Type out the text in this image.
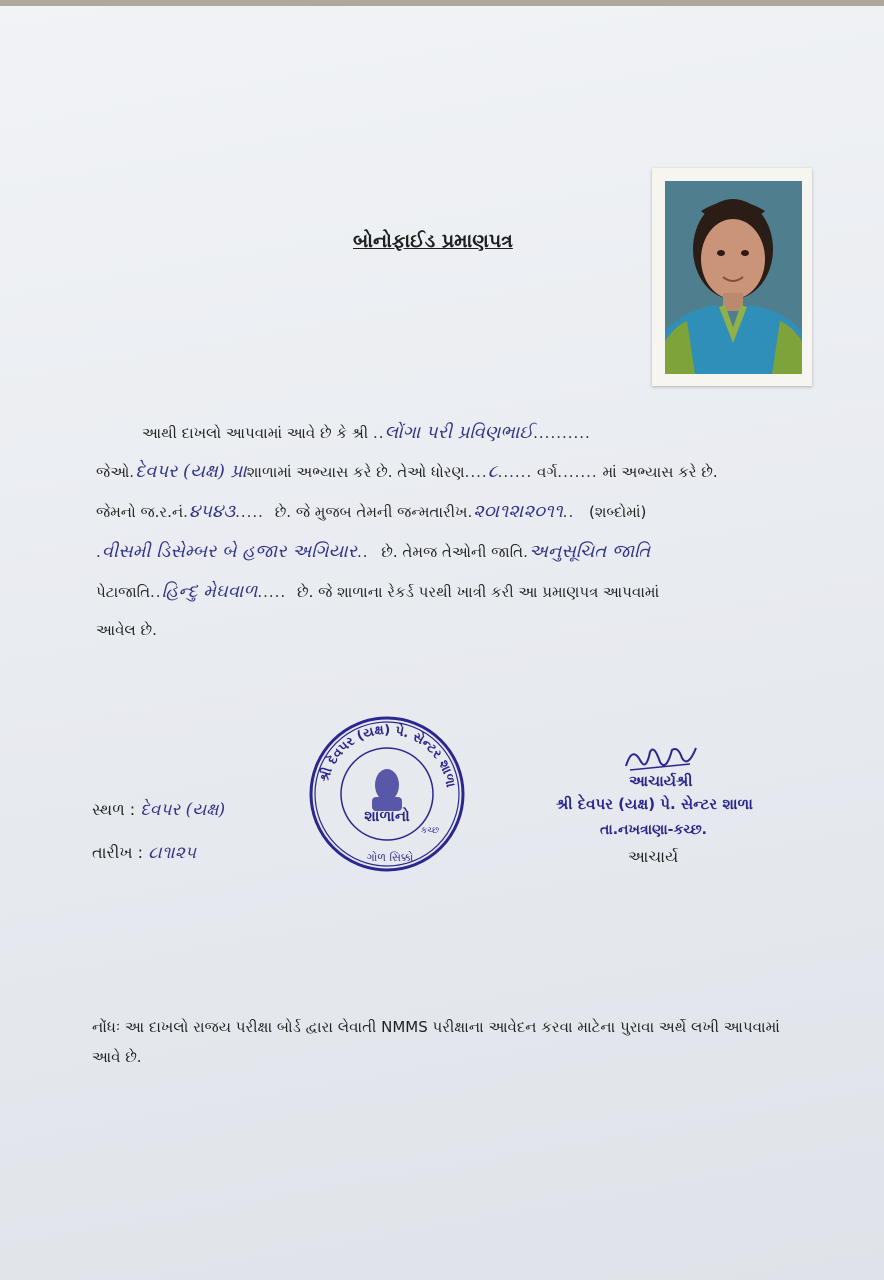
બોનોફાઈડ પ્રમાણપત્ર
આથી દાખલો આપવામાં આવે છે કે શ્રી ..લોંગા પરી પ્રવિણભાઈ..........
જેઓ.દેવપર (યક્ષ) પ્રાશાળામાં અભ્યાસ કરે છે. તેઓ ધોરણ....૮...... વર્ગ....... માં અભ્યાસ કરે છે.
જેમનો જ.ર.નં.૪૫૪૩..... છે. જે મુજબ તેમની જન્મતારીખ.૨૦।૧૨।૨૦૧૧.. (શબ્દોમાં)
.વીસમી ડિસેમ્બર બે હજાર અગિયાર.. છે. તેમજ તેઓની જાતિ.અનુસૂચિત જાતિ
પેટાજાતિ..હિન્દુ મેઘવાળ..... છે. જે શાળાના રેકર્ડ પરથી ખાત્રી કરી આ પ્રમાણપત્ર આપવામાં
આવેલ છે.
સ્થળ : દેવપર (યક્ષ)
તારીખ : ૮।૧।૨૫
શ્રી દેવપર (યક્ષ) પે. સેન્ટર શાળા
શાળાનો
ગોળ સિક્કો
કચ્છ
આચાર્યશ્રી
શ્રી દેવપર (યક્ષ) પે. સેન્ટર શાળા
તા.નખત્રાણા-કચ્છ.
આચાર્ય
નોંધઃ આ દાખલો રાજય પરીક્ષા બોર્ડ દ્વારા લેવાતી NMMS પરીક્ષાના આવેદન કરવા માટેના પુરાવા અર્થે લખી આપવામાં આવે છે.
